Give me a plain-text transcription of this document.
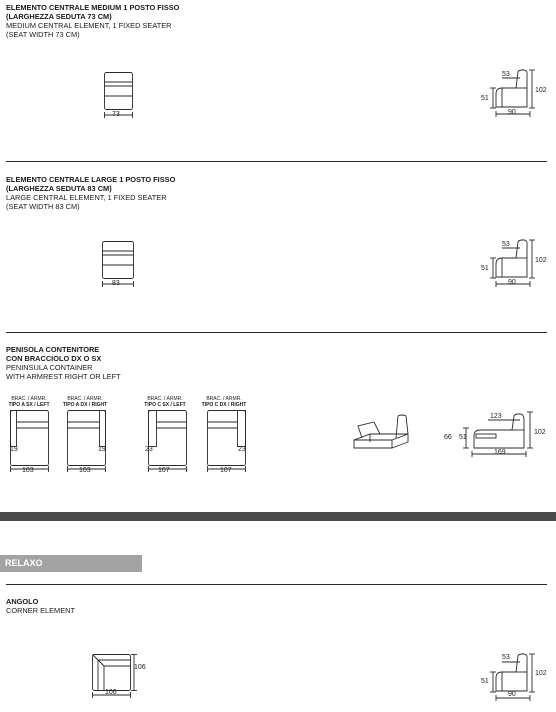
ELEMENTO CENTRALE MEDIUM 1 POSTO FISSO
(LARGHEZZA SEDUTA 73 CM)
MEDIUM CENTRAL ELEMENT, 1 FIXED SEATER
(SEAT WIDTH 73 CM)
73
53
51
102
90
ELEMENTO CENTRALE LARGE 1 POSTO FISSO
(LARGHEZZA SEDUTA 83 CM)
LARGE CENTRAL ELEMENT, 1 FIXED SEATER
(SEAT WIDTH 83 CM)
83
53
51
102
90
PENISOLA CONTENITORE
CON BRACCIOLO DX O SX
PENINSULA CONTAINER
WITH ARMREST RIGHT OR LEFT
BRAC. / ARMR.
TIPO A SX / LEFT
BRAC. / ARMR.
TIPO A DX / RIGHT
BRAC. / ARMR.
TIPO C SX / LEFT
BRAC. / ARMR.
TIPO C DX / RIGHT
19	19	23	23
103	103	107	107
123
102
66 51
169
RELAXO
ANGOLO
CORNER ELEMENT
106
106
53
51
102
90
